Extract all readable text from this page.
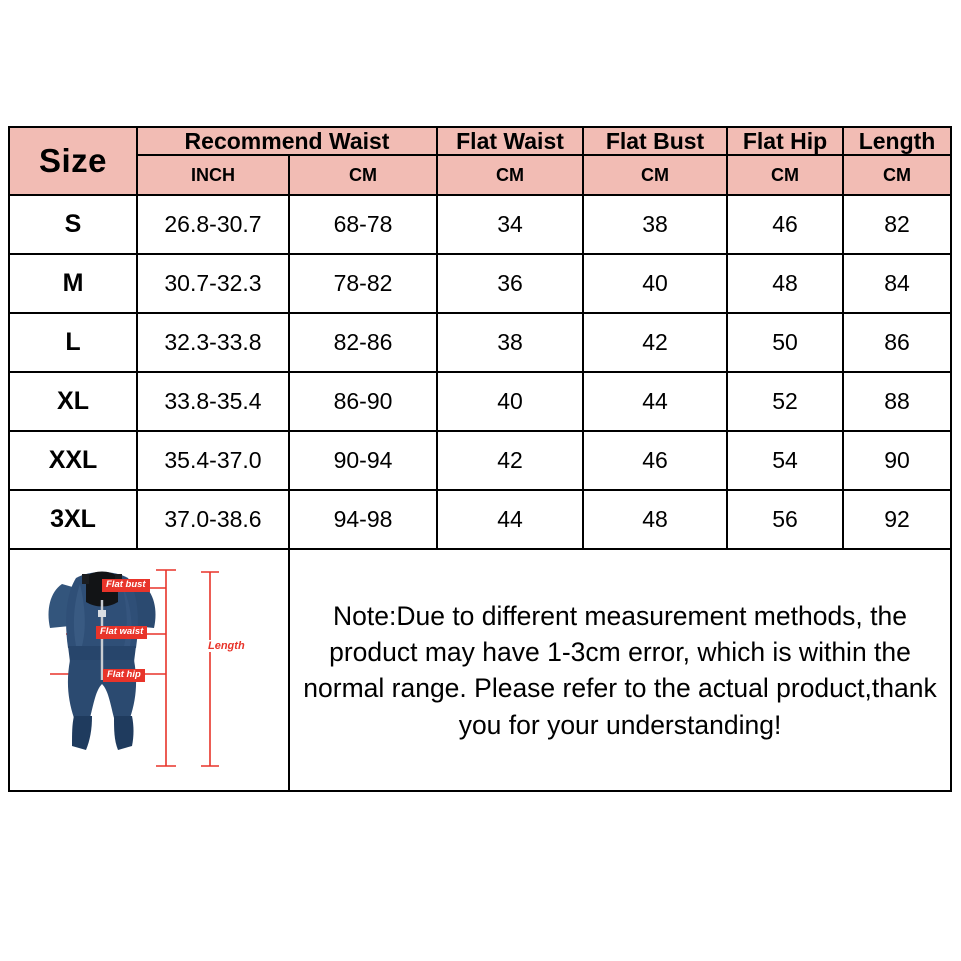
Size	Recommend Waist		Flat Waist	Flat Bust	Flat Hip	Length
	INCH	CM	CM	CM	CM	CM
S	26.8-30.7	68-78	34	38	46	82
M	30.7-32.3	78-82	36	40	48	84
L	32.3-33.8	82-86	38	42	50	86
XL	33.8-35.4	86-90	40	44	52	88
XXL	35.4-37.0	90-94	42	46	54	90
3XL	37.0-38.6	94-98	44	48	56	92

Flat bust
Flat waist
Flat hip
Length		Note:Due to different measurement methods, the product may have 1-3cm error, which is within the normal range. Please refer to the actual product,thank you for your understanding!				
